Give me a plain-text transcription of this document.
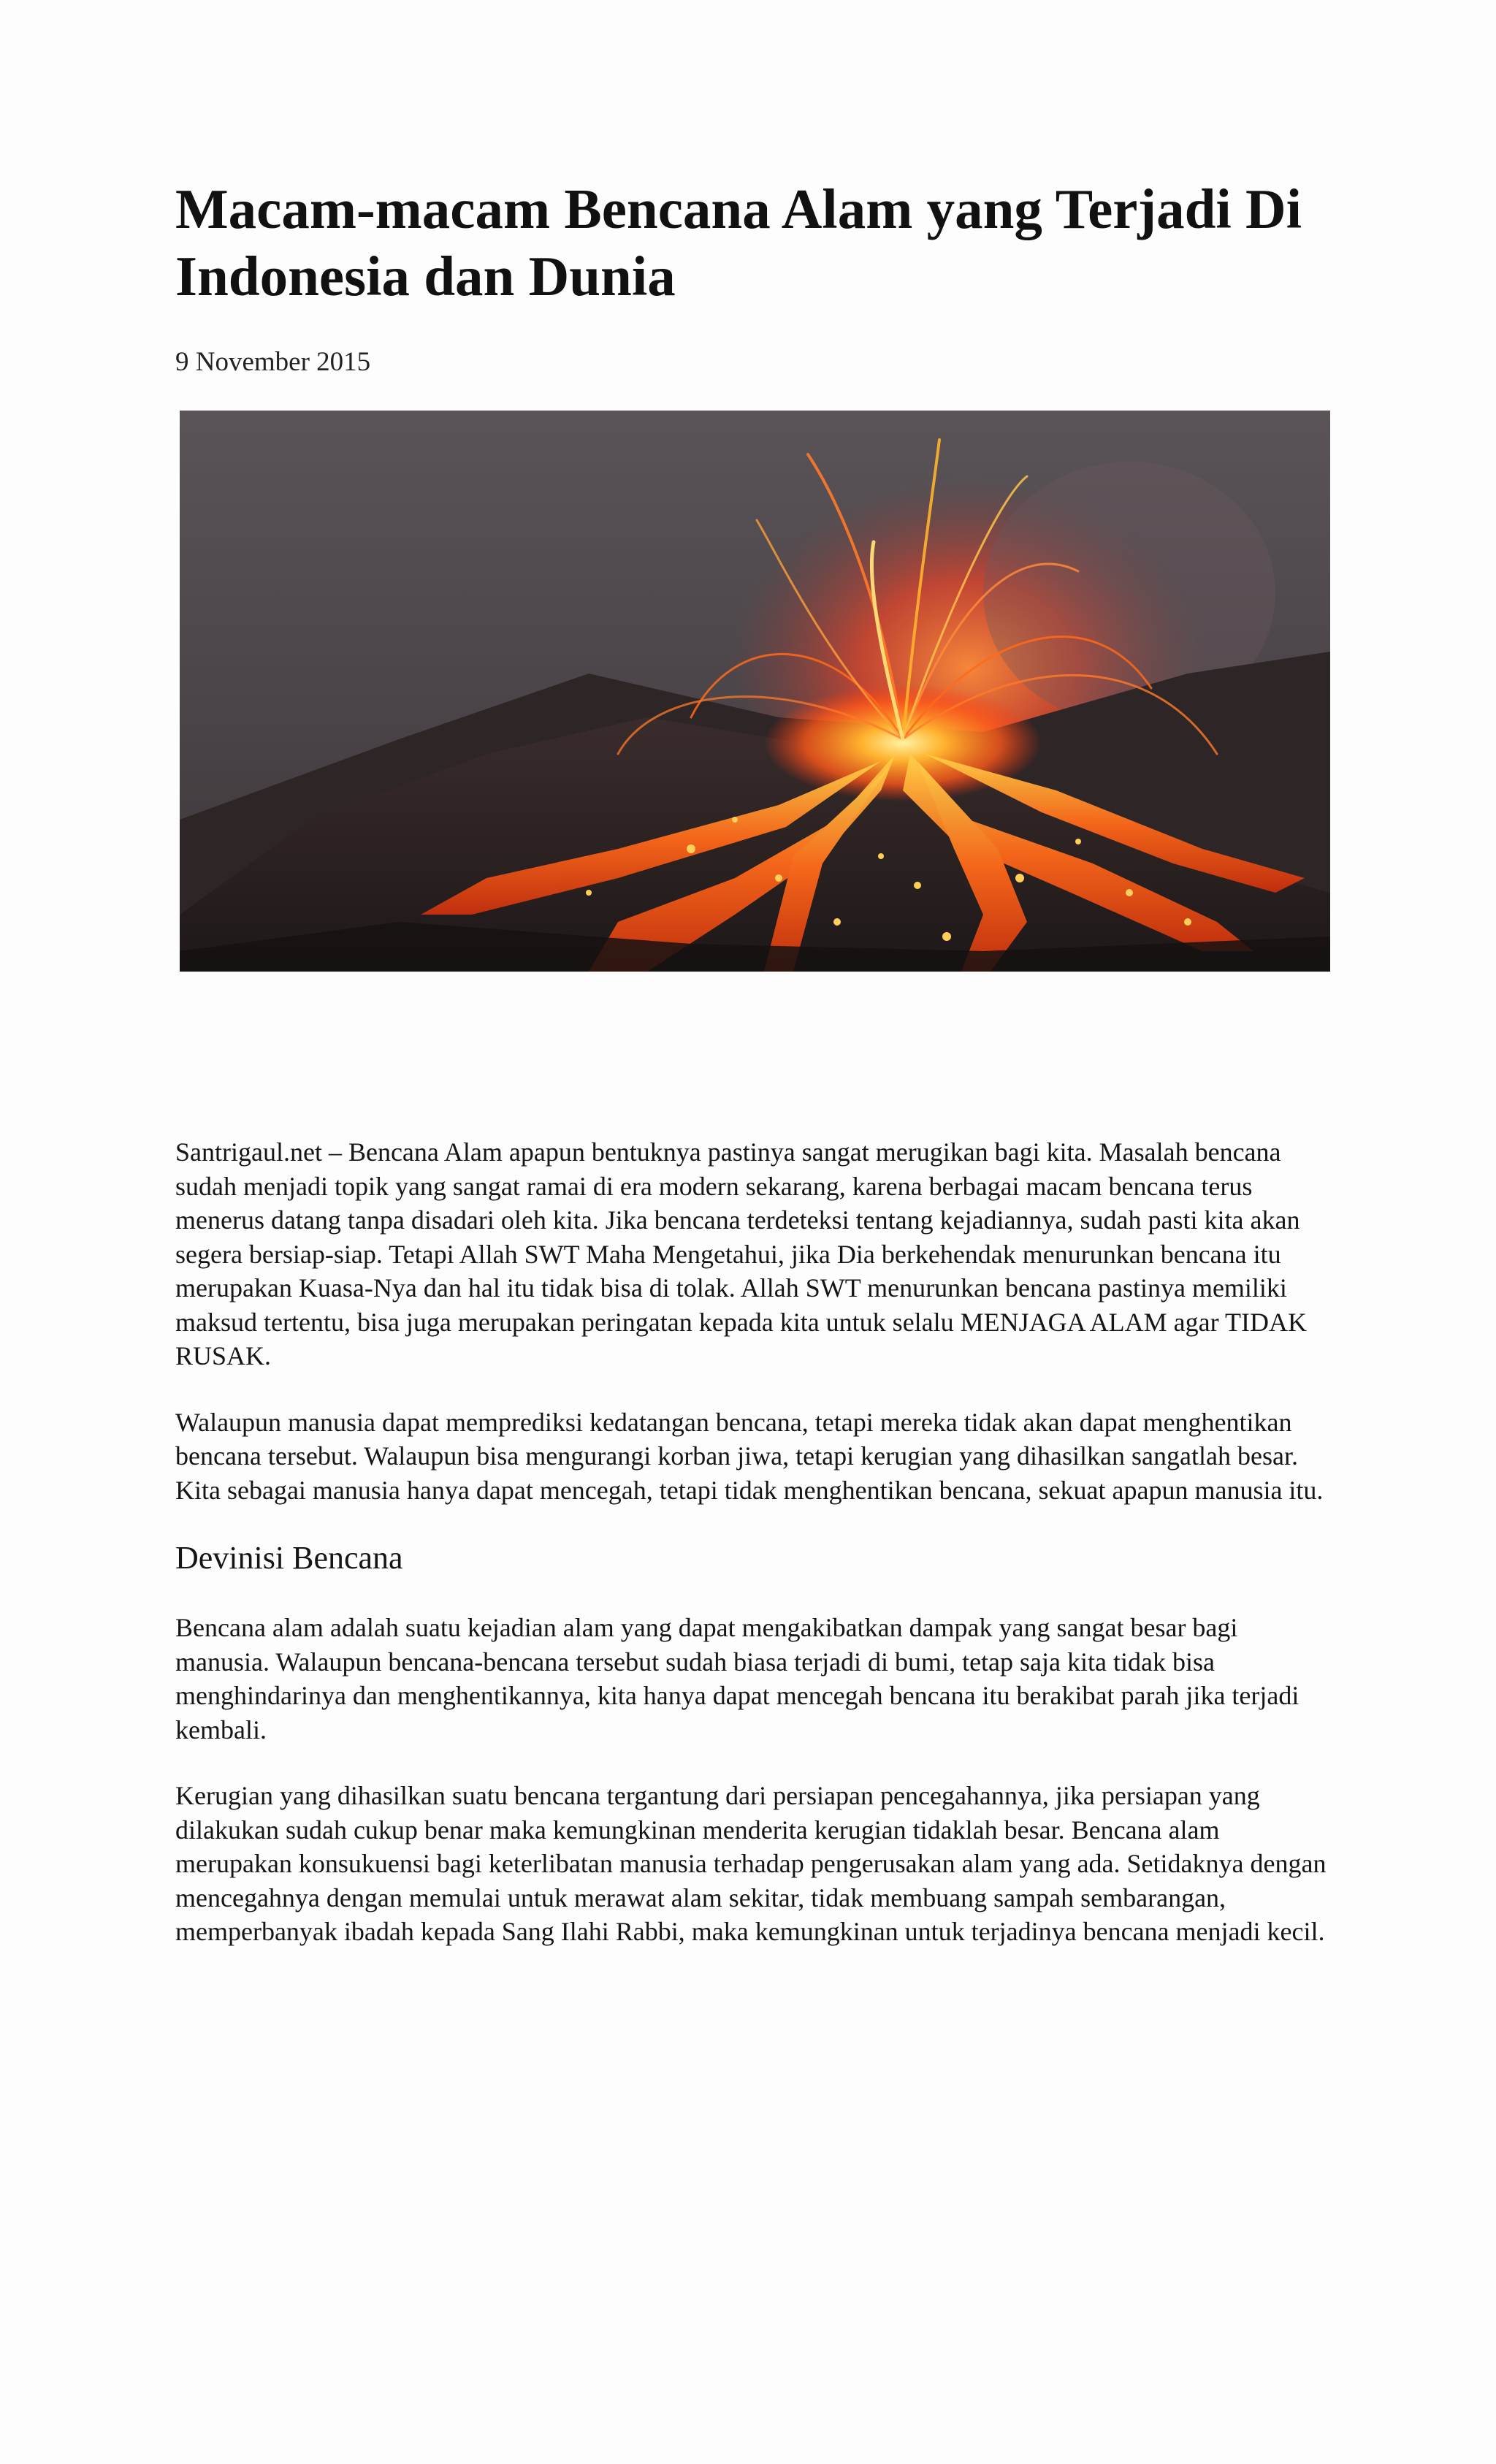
Macam-macam Bencana Alam yang Terjadi Di Indonesia dan Dunia
9 November 2015

Santrigaul.net – Bencana Alam apapun bentuknya pastinya sangat merugikan bagi kita. Masalah bencana sudah menjadi topik yang sangat ramai di era modern sekarang, karena berbagai macam bencana terus menerus datang tanpa disadari oleh kita. Jika bencana terdeteksi tentang kejadiannya, sudah pasti kita akan segera bersiap-siap. Tetapi Allah SWT Maha Mengetahui, jika Dia berkehendak menurunkan bencana itu merupakan Kuasa-Nya dan hal itu tidak bisa di tolak. Allah SWT menurunkan bencana pastinya memiliki maksud tertentu, bisa juga merupakan peringatan kepada kita untuk selalu MENJAGA ALAM agar TIDAK RUSAK.

Walaupun manusia dapat memprediksi kedatangan bencana, tetapi mereka tidak akan dapat menghentikan bencana tersebut. Walaupun bisa mengurangi korban jiwa, tetapi kerugian yang dihasilkan sangatlah besar. Kita sebagai manusia hanya dapat mencegah, tetapi tidak menghentikan bencana, sekuat apapun manusia itu.

Devinisi Bencana

Bencana alam adalah suatu kejadian alam yang dapat mengakibatkan dampak yang sangat besar bagi manusia. Walaupun bencana-bencana tersebut sudah biasa terjadi di bumi, tetap saja kita tidak bisa menghindarinya dan menghentikannya, kita hanya dapat mencegah bencana itu berakibat parah jika terjadi kembali.

Kerugian yang dihasilkan suatu bencana tergantung dari persiapan pencegahannya, jika persiapan yang dilakukan sudah cukup benar maka kemungkinan menderita kerugian tidaklah besar. Bencana alam merupakan konsukuensi bagi keterlibatan manusia terhadap pengerusakan alam yang ada. Setidaknya dengan mencegahnya dengan memulai untuk merawat alam sekitar, tidak membuang sampah sembarangan, memperbanyak ibadah kepada Sang Ilahi Rabbi, maka kemungkinan untuk terjadinya bencana menjadi kecil.
